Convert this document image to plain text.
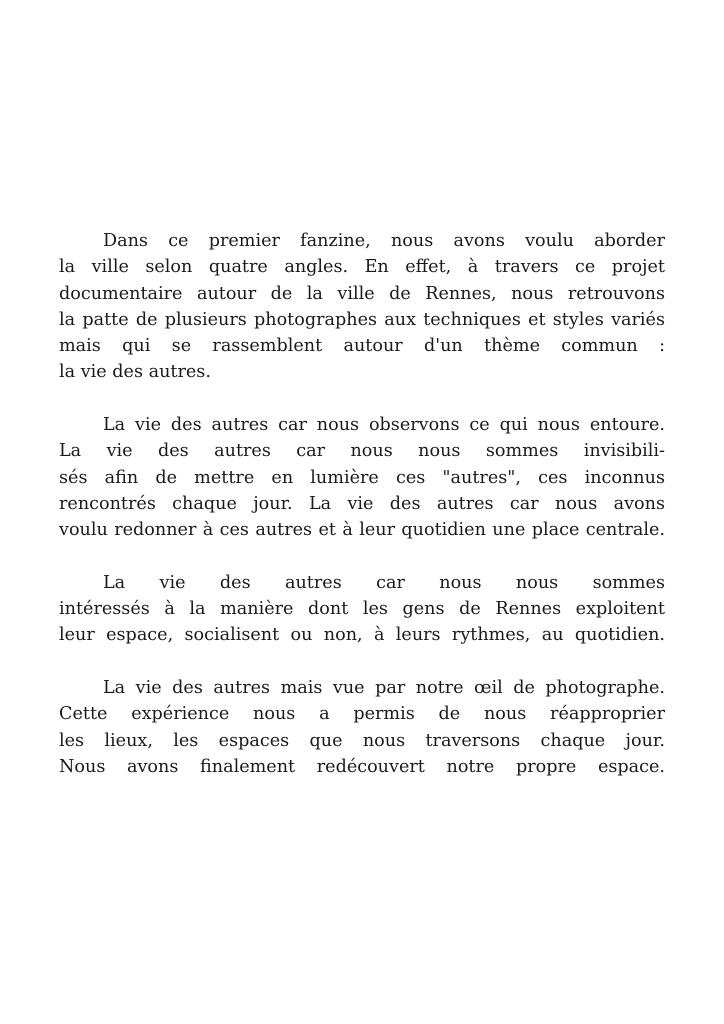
Dans ce premier fanzine, nous avons voulu aborder
la ville selon quatre angles. En effet, à travers ce projet
documentaire autour de la ville de Rennes, nous retrouvons
la patte de plusieurs photographes aux techniques et styles variés
mais qui se rassemblent autour d'un thème commun :
la vie des autres.
La vie des autres car nous observons ce qui nous entoure.
La vie des autres car nous nous sommes invisibili-
sés afin de mettre en lumière ces "autres", ces inconnus
rencontrés chaque jour. La vie des autres car nous avons
voulu redonner à ces autres et à leur quotidien une place centrale.
La vie des autres car nous nous sommes
intéressés à la manière dont les gens de Rennes exploitent
leur espace, socialisent ou non, à leurs rythmes, au quotidien.
La vie des autres mais vue par notre œil de photographe.
Cette expérience nous a permis de nous réapproprier
les lieux, les espaces que nous traversons chaque jour.
Nous avons finalement redécouvert notre propre espace.
